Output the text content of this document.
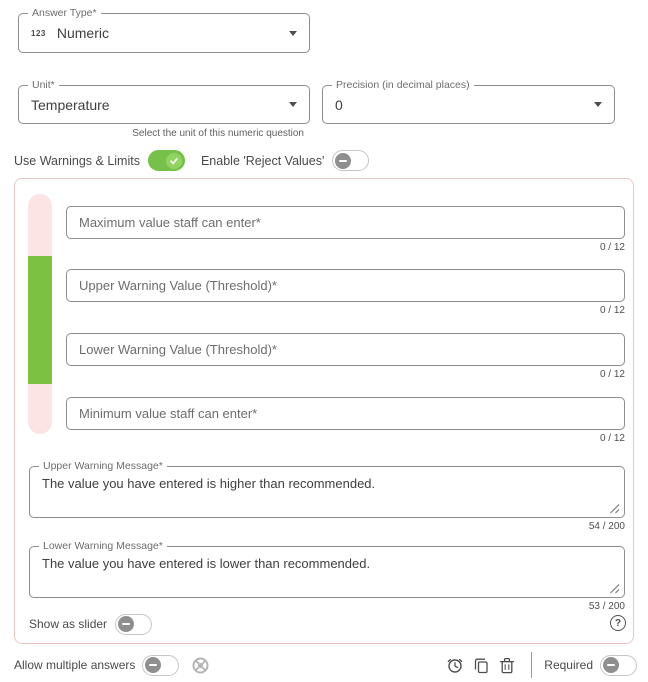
Answer Type*
123 Numeric
Unit*
Temperature
Select the unit of this numeric question
Precision (in decimal places)
0
Use Warnings & Limits	Enable 'Reject Values'
Maximum value staff can enter*
0 / 12
Upper Warning Value (Threshold)*
0 / 12
Lower Warning Value (Threshold)*
0 / 12
Minimum value staff can enter*
0 / 12
Upper Warning Message*
The value you have entered is higher than recommended.
54 / 200
Lower Warning Message*
The value you have entered is lower than recommended.
53 / 200
Show as slider	?
Allow multiple answers	Required
